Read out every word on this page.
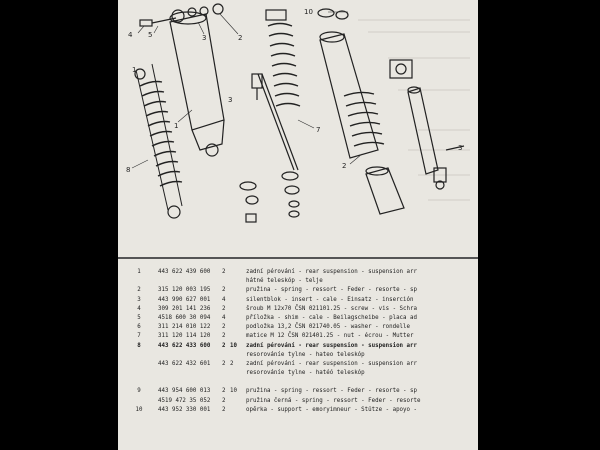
4 5	3	2
1
10
7
8
1
3
2
3
1	443 622 439 600 2	zadní pérování - rear suspension - suspension arr
hátné teleskóp - telje
2	315 120 003 195 2	pružina - spring - ressort - Feder - resorte - sp
3	443 990 627 001 4	silentblok - insert - cale - Einsatz - inserción
4	309 201 141 236 2	šroub M 12x70 ČSN 021101.25 - screw - vis - Schra
5	4518 600 30 094 4	příložka - shim - cale - Beilagscheibe - placa ad
6	311 214 010 122 2	podložka 13,2 ČSN 021740.05 - washer - rondelle
7	311 120 114 120 2	matice M 12 ČSN 021401.25 - nut - écrou - Mutter
8	443 622 433 600 2 10 zadní pérování - rear suspension - suspension arr
resorováníe tylne - hateo teleskóp
443 622 432 601 2 2 zadní pérování - rear suspension - suspension arr
resorováníe tylne - hatéó teleskóp
9	443 954 600 013 2 10 pružina - spring - ressort - Feder - resorte - sp
4519 472 35 052 2	pružina černá - spring - ressort - Feder - resorte
10	443 952 330 001 2	opěrka - support - emoryimneur - Stütze - apoyo -
